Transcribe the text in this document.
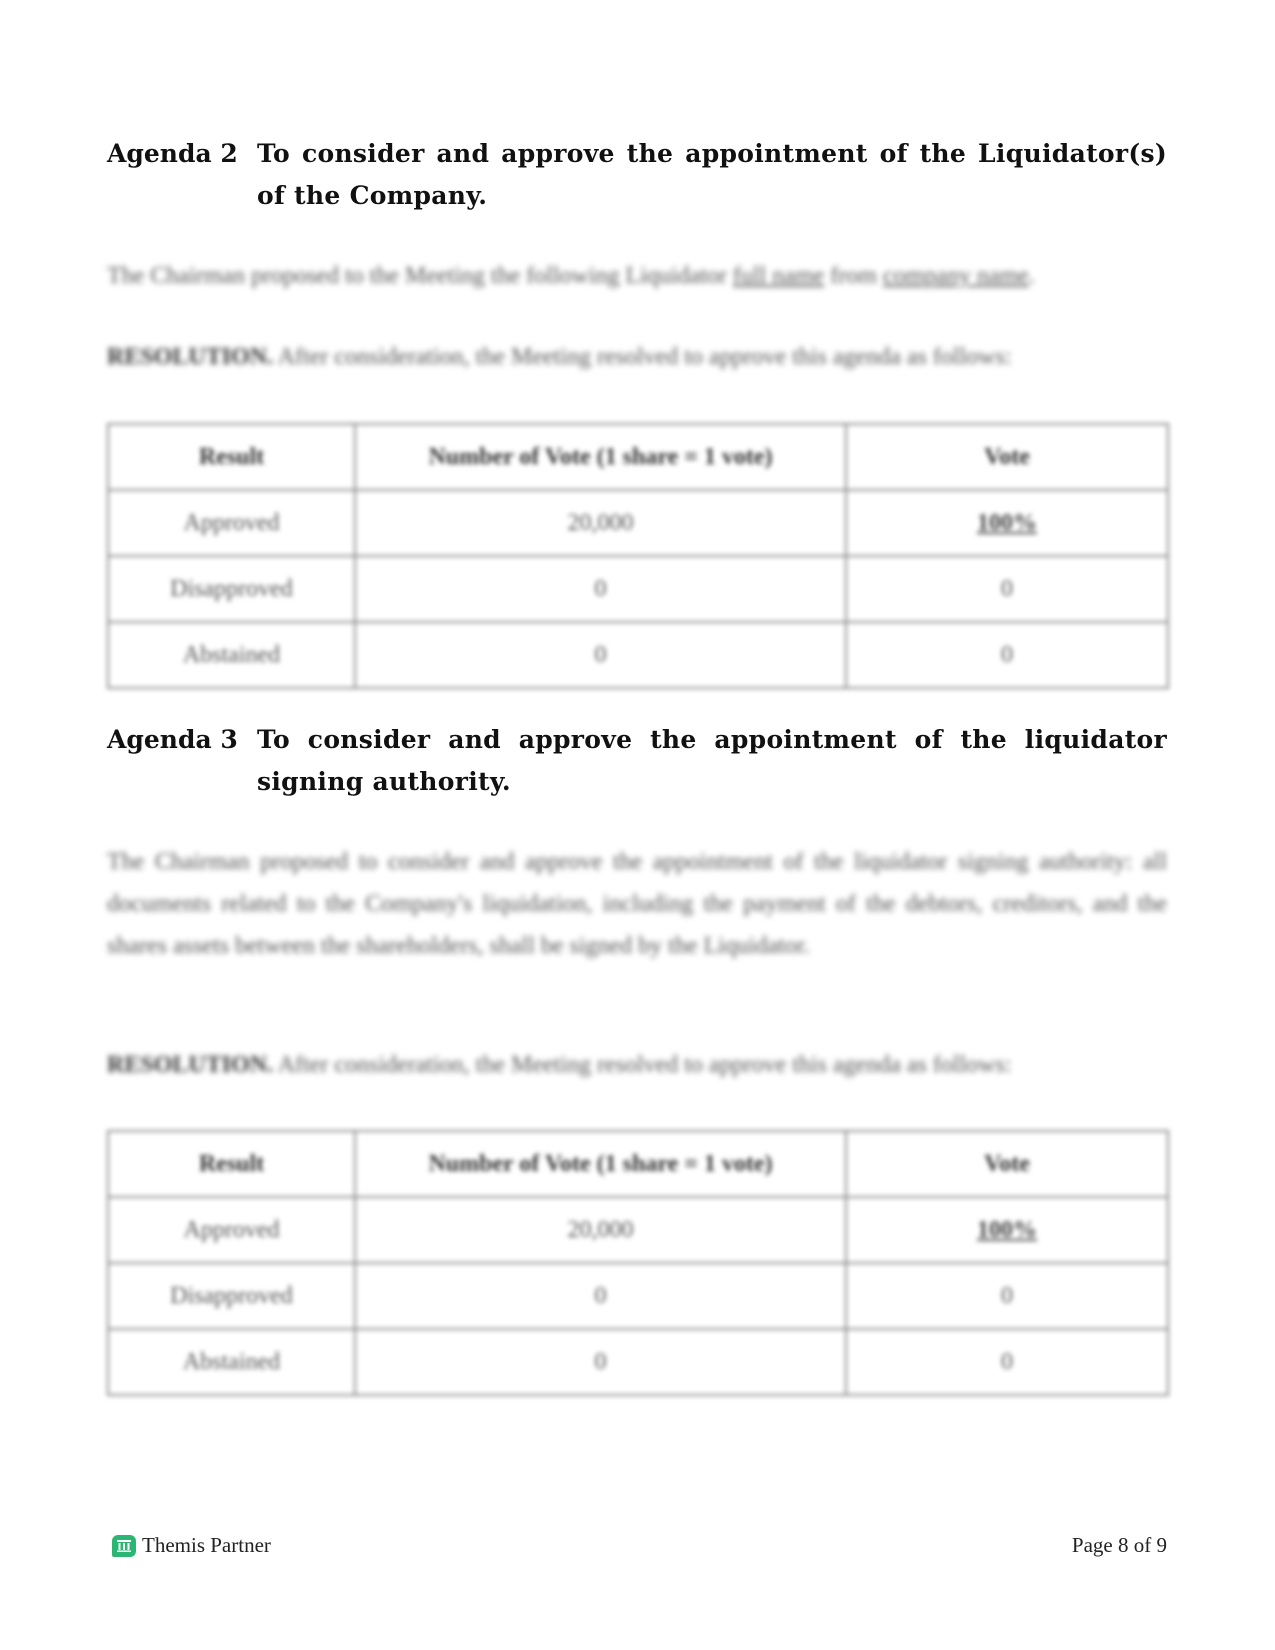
Agenda 2 To consider and approve the appointment of the Liquidator(s) of the Company.
The Chairman proposed to the Meeting the following Liquidator full name from company name.
RESOLUTION. After consideration, the Meeting resolved to approve this agenda as follows:
Result	Number of Vote (1 share = 1 vote)	Vote
Approved	20,000	100%
Disapproved	0	0
Abstained	0	0
Agenda 3 To consider and approve the appointment of the liquidator signing authority.
The Chairman proposed to consider and approve the appointment of the liquidator signing authority: all documents related to the Company's liquidation, including the payment of the debtors, creditors, and the shares assets between the shareholders, shall be signed by the Liquidator.
RESOLUTION. After consideration, the Meeting resolved to approve this agenda as follows:
Result	Number of Vote (1 share = 1 vote)	Vote
Approved	20,000	100%
Disapproved	0	0
Abstained	0	0
Themis Partner	Page 8 of 9
